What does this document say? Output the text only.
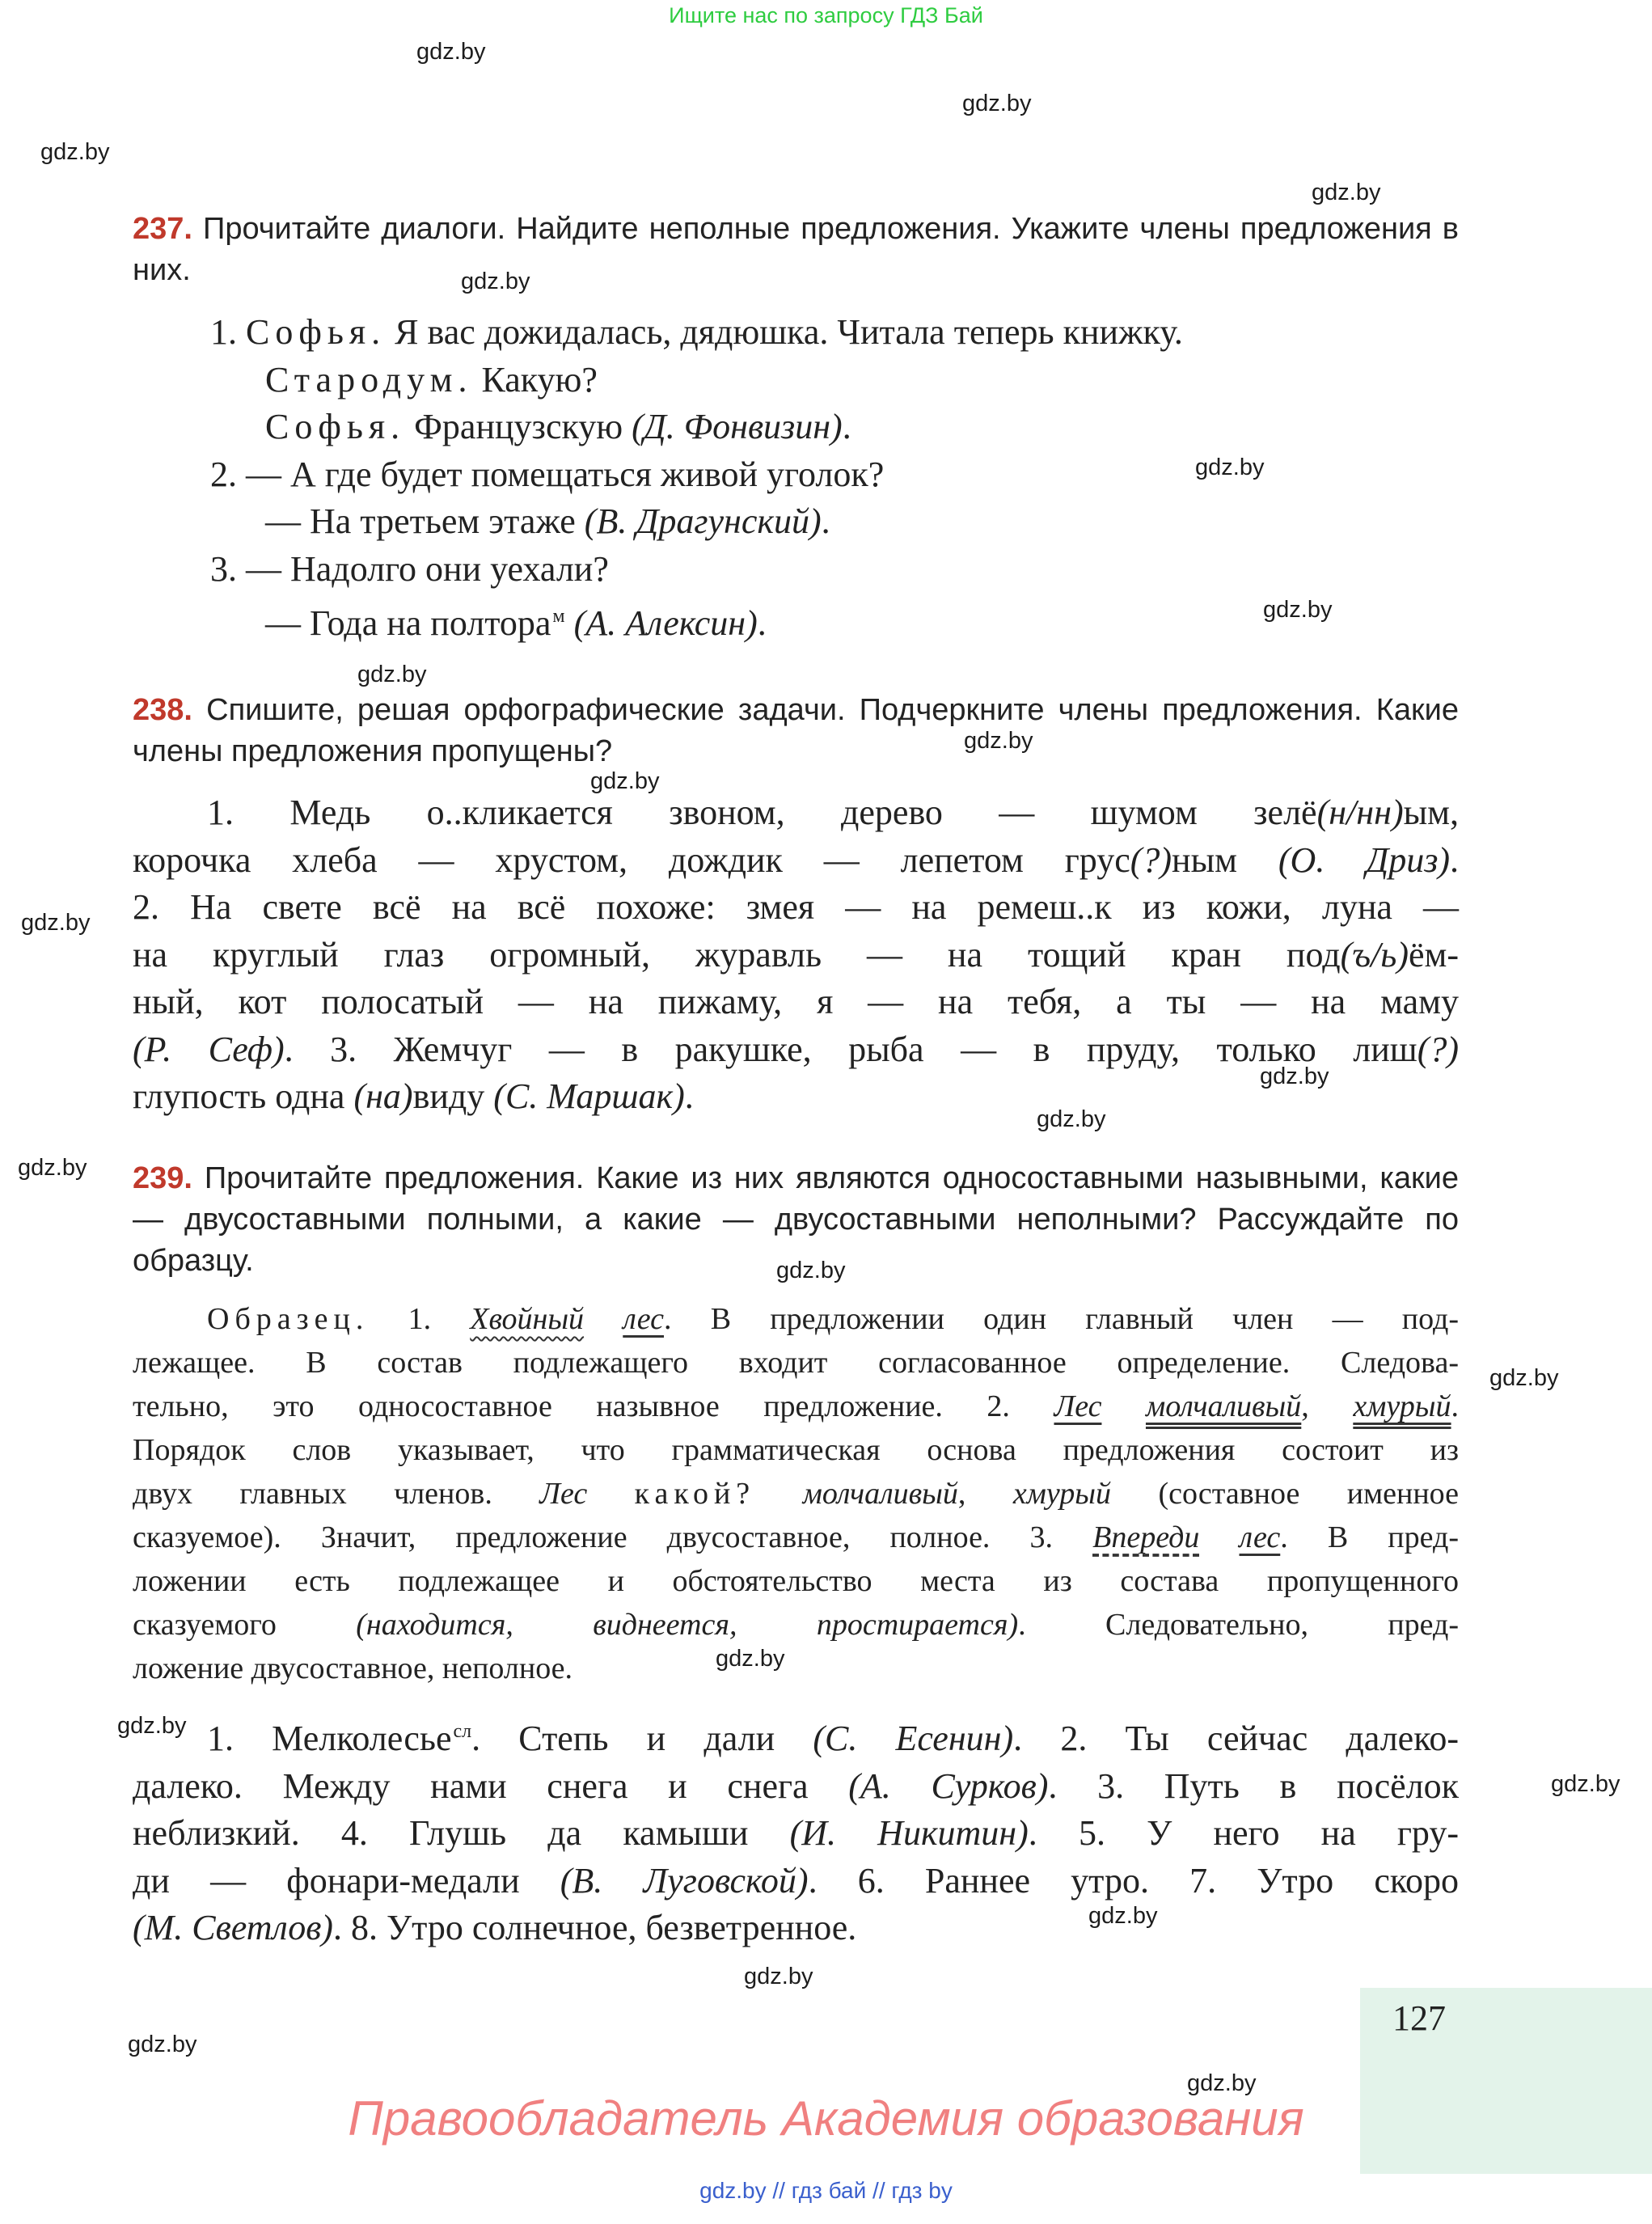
Ищите нас по запросу ГДЗ Бай
gdz.by
gdz.by
gdz.by
gdz.by
gdz.by
gdz.by
gdz.by
gdz.by
gdz.by
gdz.by
gdz.by
gdz.by
gdz.by
gdz.by
gdz.by
gdz.by
gdz.by
gdz.by
gdz.by
gdz.by
gdz.by
gdz.by
gdz.by
237. Прочитайте диалоги. Найдите неполные предложения. Укажите члены предложения в них.
1. Софья. Я вас дожидалась, дядюшка. Читала теперь книжку.
Стародум. Какую?
Софья. Французскую (Д. Фонвизин).
2. — А где будет помещаться живой уголок?
— На третьем этаже (В. Драгунский).
3. — Надолго они уехали?
— Года на полтора$^м$ (А. Алексин).
238. Спишите, решая орфографические задачи. Подчеркните члены предложения. Какие члены предложения пропущены?
1. Медь о..кликается звоном, дерево — шумом зелё(н/нн)ым,
корочка хлеба — хрустом, дождик — лепетом грус(?)ным (О. Дриз).
2. На свете всё на всё похоже: змея — на ремеш..к из кожи, луна —
на круглый глаз огромный, журавль — на тощий кран под(ъ/ь)ём-
ный, кот полосатый — на пижаму, я — на тебя, а ты — на маму
(Р. Сеф). 3. Жемчуг — в ракушке, рыба — в пруду, только лиш(?)
глупость одна (на)виду (С. Маршак).
239. Прочитайте предложения. Какие из них являются односоставными назывными, какие — двусоставными полными, а какие — двусоставными неполными? Рассуждайте по образцу.
Образец. 1. Хвойный лес. В предложении один главный член — под-
лежащее. В состав подлежащего входит согласованное определение. Следова-
тельно, это односоставное назывное предложение. 2. Лес молчаливый, хмурый.
Порядок слов указывает, что грамматическая основа предложения состоит из
двух главных членов. Лес какой? молчаливый, хмурый (составное именное
сказуемое). Значит, предложение двусоставное, полное. 3. Впереди лес. В пред-
ложении есть подлежащее и обстоятельство места из состава пропущенного
сказуемого	(находится, виднеется, простирается). Следовательно, пред-
ложение двусоставное, неполное.
1. Мелколесье$^{сл}$. Степь и дали (С. Есенин). 2. Ты сейчас далеко-
далеко. Между нами снега и снега (А. Сурков). 3. Путь в посёлок
неблизкий. 4. Глушь да камыши (И. Никитин). 5. У него на гру-
ди — фонари-медали (В. Луговской). 6. Раннее утро. 7. Утро скоро
(М. Светлов). 8. Утро солнечное, безветренное.
127
Правообладатель Академия образования
gdz.by // гдз бай // гдз by
